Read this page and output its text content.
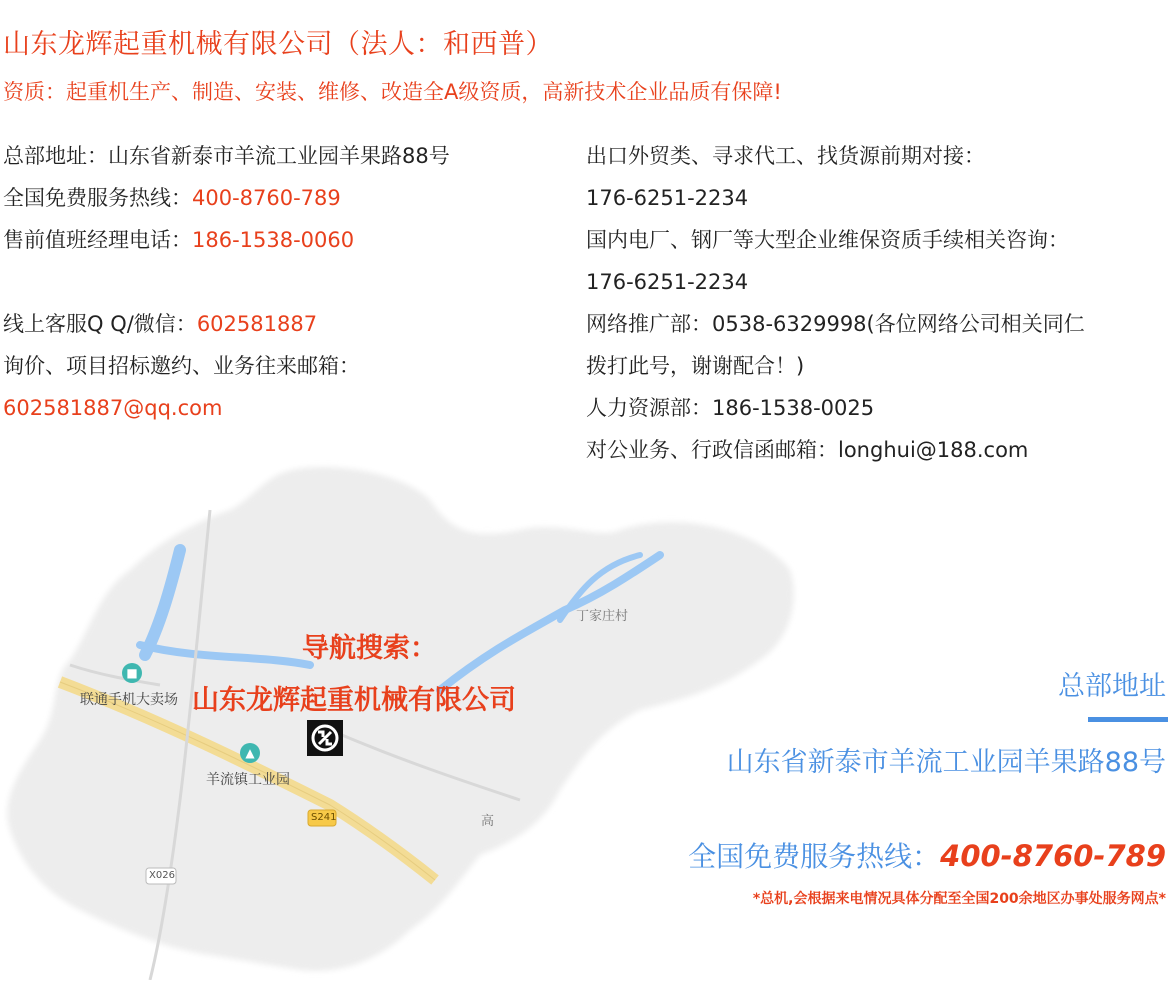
山东龙辉起重机械有限公司（法人：和西普）
资质：起重机生产、制造、安装、维修、改造全A级资质，高新技术企业品质有保障!
总部地址：山东省新泰市羊流工业园羊果路88号
全国免费服务热线：400-8760-789
售前值班经理电话：186-1538-0060
线上客服Q Q/微信：602581887
询价、项目招标邀约、业务往来邮箱：
602581887@qq.com
出口外贸类、寻求代工、找货源前期对接：
176-6251-2234
国内电厂、钢厂等大型企业维保资质手续相关咨询：
176-6251-2234
网络推广部：0538-6329998(各位网络公司相关同仁
拨打此号，谢谢配合！)
人力资源部：186-1538-0025
对公业务、行政信函邮箱：longhui@188.com
S241
X026
■
联通手机大卖场
▲
羊流镇工业园
丁家庄村
高
导航搜索：
山东龙辉起重机械有限公司	总部地址
山东省新泰市羊流工业园羊果路88号
全国免费服务热线：400-8760-789
*总机,会根据来电情况具体分配至全国200余地区办事处服务网点*
